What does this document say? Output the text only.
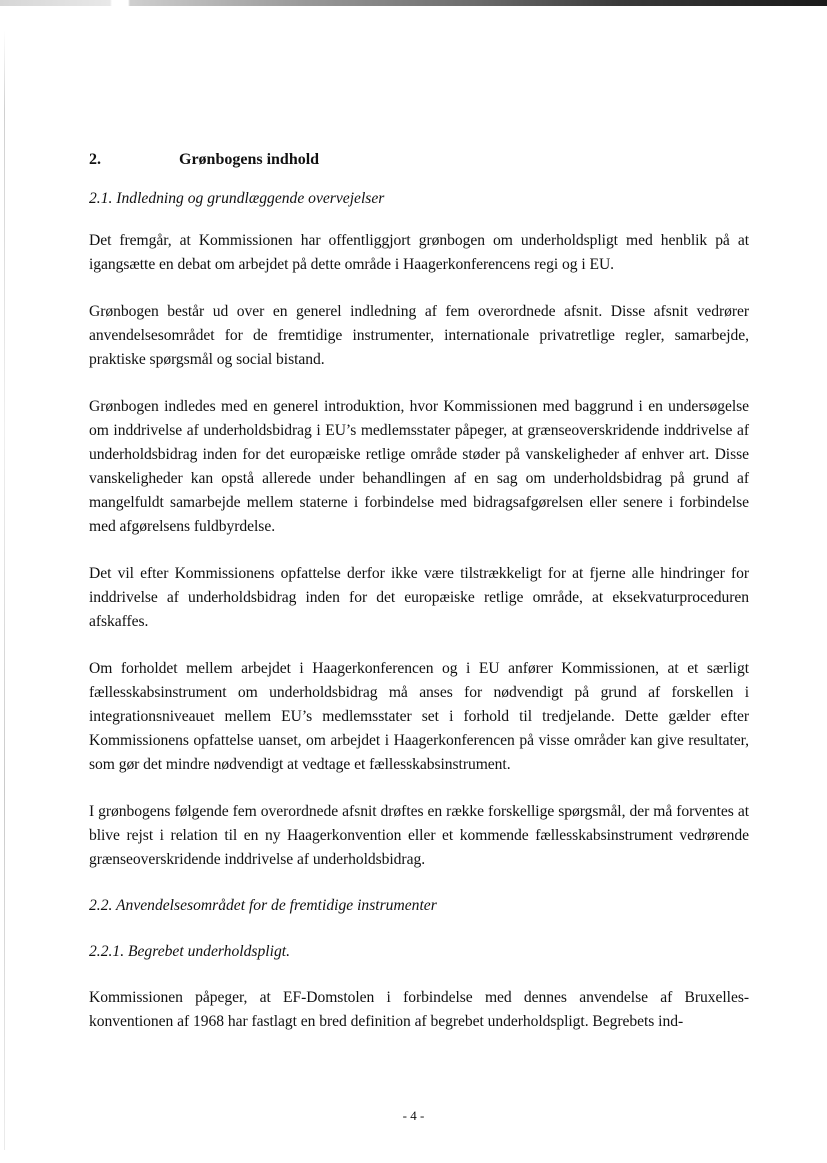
2.	Grønbogens indhold

2.1. Indledning og grundlæggende overvejelser

Det fremgår, at Kommissionen har offentliggjort grønbogen om underholdspligt med henblik på at igangsætte en debat om arbejdet på dette område i Haagerkonferencens regi og i EU.

Grønbogen består ud over en generel indledning af fem overordnede afsnit. Disse afsnit vedrører anvendelsesområdet for de fremtidige instrumenter, internationale privatretlige regler, samarbejde, praktiske spørgsmål og social bistand.

Grønbogen indledes med en generel introduktion, hvor Kommissionen med baggrund i en undersøgelse om inddrivelse af underholdsbidrag i EU’s medlemsstater påpeger, at grænseoverskridende inddrivelse af underholdsbidrag inden for det europæiske retlige område støder på vanskeligheder af enhver art. Disse vanskeligheder kan opstå allerede under behandlingen af en sag om underholdsbidrag på grund af mangelfuldt samarbejde mellem staterne i forbindelse med bidragsafgørelsen eller senere i forbindelse med afgørelsens fuldbyrdelse.

Det vil efter Kommissionens opfattelse derfor ikke være tilstrækkeligt for at fjerne alle hindringer for inddrivelse af underholdsbidrag inden for det europæiske retlige område, at eksekvaturproceduren afskaffes.

Om forholdet mellem arbejdet i Haagerkonferencen og i EU anfører Kommissionen, at et særligt fællesskabsinstrument om underholdsbidrag må anses for nødvendigt på grund af forskellen i integrationsniveauet mellem EU’s medlemsstater set i forhold til tredjelande. Dette gælder efter Kommissionens opfattelse uanset, om arbejdet i Haagerkonferencen på visse områder kan give resultater, som gør det mindre nødvendigt at vedtage et fællesskabsinstrument.

I grønbogens følgende fem overordnede afsnit drøftes en række forskellige spørgsmål, der må forventes at blive rejst i relation til en ny Haagerkonvention eller et kommende fællesskabsinstrument vedrørende grænseoverskridende inddrivelse af underholdsbidrag.

2.2. Anvendelsesområdet for de fremtidige instrumenter

2.2.1. Begrebet underholdspligt.

Kommissionen påpeger, at EF-Domstolen i forbindelse med dennes anvendelse af Bruxelles-konventionen af 1968 har fastlagt en bred definition af begrebet underholdspligt. Begrebets ind-

- 4 -
